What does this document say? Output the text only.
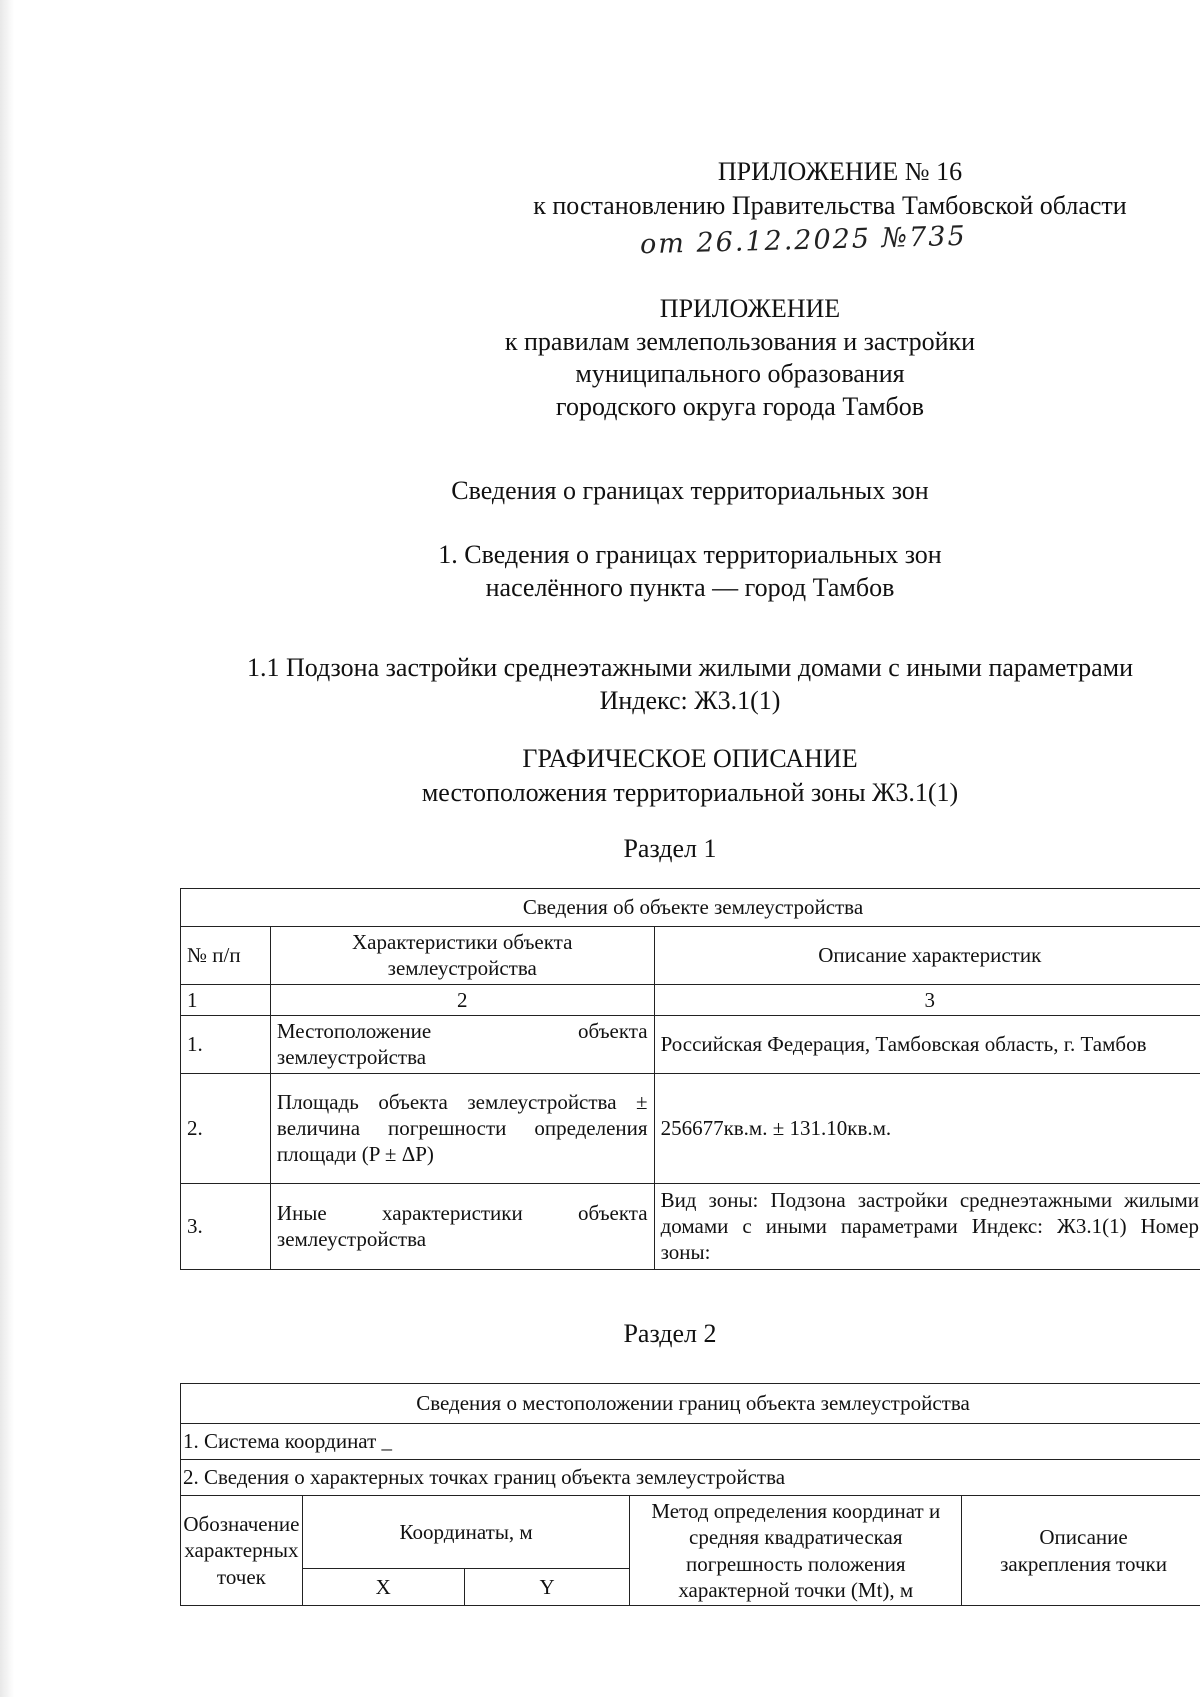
ПРИЛОЖЕНИЕ № 16
к постановлению Правительства Тамбовской области
от 26.12.2025 №735
ПРИЛОЖЕНИЕ
к правилам землепользования и застройки
муниципального образования
городского округа города Тамбов
Сведения о границах территориальных зон
1. Сведения о границах территориальных зон
населённого пункта — город Тамбов
1.1 Подзона застройки среднеэтажными жилыми домами с иными параметрами
Индекс: Ж3.1(1)
ГРАФИЧЕСКОЕ ОПИСАНИЕ
местоположения территориальной зоны Ж3.1(1)
Раздел 1
Сведения об объекте землеустройства		
№ п/п	Характеристики объекта землеустройства	Описание характеристик
1	2	3
1.	Местоположение объекта землеустройства	Российская Федерация, Тамбовская область, г. Тамбов
2.	Площадь объекта землеустройства ± величина погрешности определения площади (P ± ΔP)	256677кв.м. ± 131.10кв.м.
3.	Иные характеристики объекта землеустройства	Вид зоны: Подзона застройки среднеэтажными жилыми домами с иными параметрами Индекс: Ж3.1(1) Номер зоны:
Раздел 2
Сведения о местоположении границ объекта землеустройства				
1. Система координат _				
2. Сведения о характерных точках границ объекта землеустройства				
Обозначение характерных точек	Координаты, м		Метод определения координат и средняя квадратическая погрешность положения характерной точки (Mt), м	Описание закрепления точки
	X	Y		
